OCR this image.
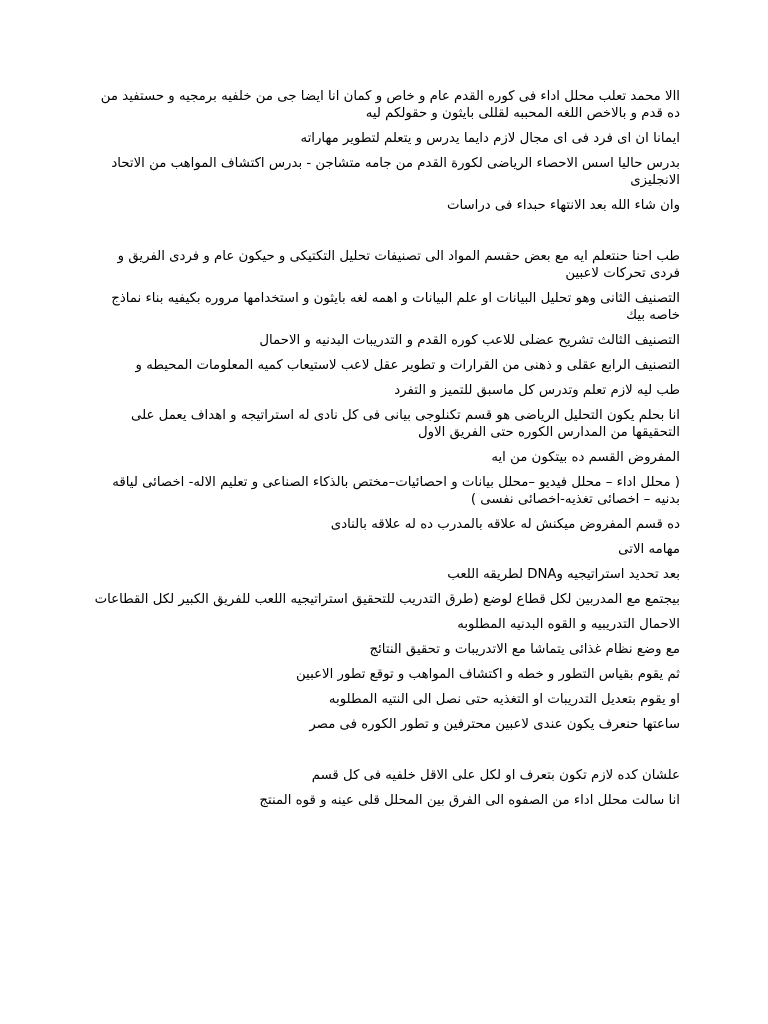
االا محمد تعلب محلل اداء فى كوره القدم عام و خاص و كمان انا ايضا جى من خلفيه برمجيه و حستفيد من ده قدم و بالاخص اللغه المحببه لقللى بايثون و حقولكم ليه

ايمانا ان اى فرد فى اى مجال لازم دايما يدرس و يتعلم لتطوير مهاراته

بدرس حاليا اسس الاحصاء الرياضى لكورة القدم من جامه متشاجن - بدرس اكتشاف المواهب من الاتحاد الانجليزى

وان شاء الله بعد الانتهاء حبداء فى دراسات

طب احنا حنتعلم ايه مع بعض حقسم المواد الى تصنيفات تحليل التكتيكى و حيكون عام و فردى الفريق و فردى تحركات لاعبين

التصنيف الثانى وهو تحليل البيانات او علم البيانات و اهمه لغه بايثون و استخدامها مروره بكيفيه بناء نماذج خاصه بيك

التصنيف الثالث تشريح عضلى للاعب كوره القدم و التدريبات البدنيه و الاحمال

التصنيف الرابع عقلى و ذهنى من القرارات و تطوير عقل لاعب لاستيعاب كميه المعلومات المحيطه و

طب ليه لازم تعلم وتدرس كل ماسبق للتميز و التفرد

انا بحلم يكون التحليل الرياضى هو قسم تكنلوجى بيانى فى كل نادى له استراتيجه و اهداف يعمل على التحقيقها من المدارس الكوره حتى الفريق الاول

المفروض القسم ده بيتكون من ايه

( محلل اداء – محلل فيديو –محلل بيانات و احصائيات–مختص بالذكاء الصناعى و تعليم الاله- اخصائى لياقه بدنيه – اخصائى تغذيه-اخصائى نفسى )

ده قسم المفروض ميكنش له علاقه بالمدرب ده له علاقه بالنادى

مهامه الاتى

بعد تحديد استراتيجيه وDNA لطريقه اللعب

بيجتمع مع المدربين لكل قطاع لوضع (طرق التدريب للتحقيق استراتيجيه اللعب للفريق الكبير لكل القطاعات

الاحمال التدريبيه و القوه البدنيه المطلوبه

مع وضع نظام غذائى يتماشا مع الاتدريبات و تحقيق النتائج

ثم يقوم بقياس التطور و خطه و اكتشاف المواهب و توقع تطور الاعبين

او يقوم بتعديل التدريبات او التغذيه حتى نصل الى النتيه المطلوبه

ساعتها حنعرف يكون عندى لاعبين محترفين و تطور الكوره فى مصر

علشان كده لازم تكون بتعرف او لكل على الاقل خلفيه فى كل قسم

انا سالت محلل اداء من الصفوه الى الفرق بين المحلل قلى عينه و قوه المنتج
